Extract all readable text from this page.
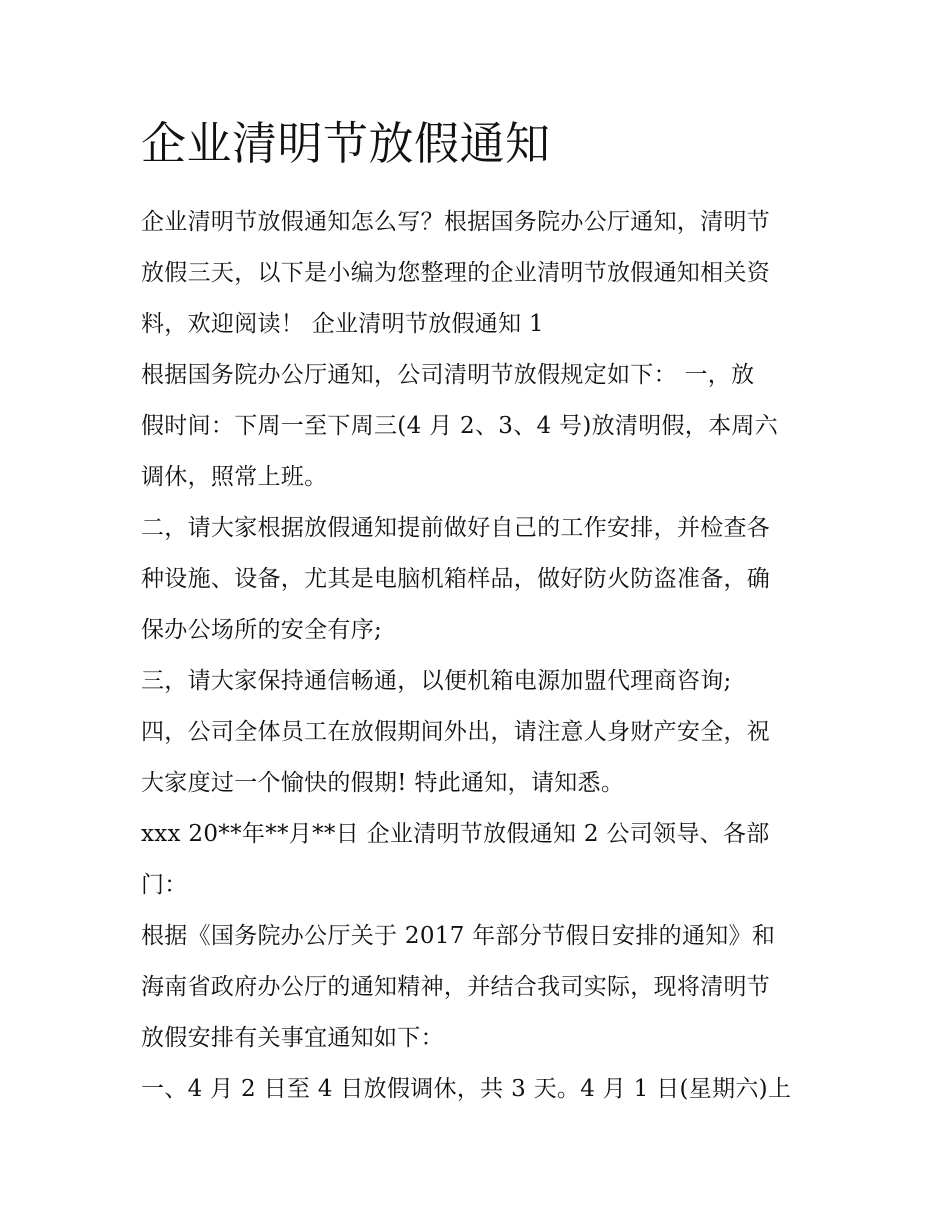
企业清明节放假通知

企业清明节放假通知怎么写？根据国务院办公厅通知，清明节
放假三天，以下是小编为您整理的企业清明节放假通知相关资
料，欢迎阅读！ 企业清明节放假通知 1

根据国务院办公厅通知，公司清明节放假规定如下： 一，放
假时间：下周一至下周三(4 月 2、3、4 号)放清明假，本周六
调休，照常上班。

二，请大家根据放假通知提前做好自己的工作安排，并检查各
种设施、设备，尤其是电脑机箱样品，做好防火防盗准备，确
保办公场所的安全有序;

三，请大家保持通信畅通，以便机箱电源加盟代理商咨询;

四，公司全体员工在放假期间外出，请注意人身财产安全，祝
大家度过一个愉快的假期! 特此通知，请知悉。

xxx 20**年**月**日 企业清明节放假通知 2 公司领导、各部
门：

根据《国务院办公厅关于 2017 年部分节假日安排的通知》和
海南省政府办公厅的通知精神，并结合我司实际，现将清明节
放假安排有关事宜通知如下：

一、4 月 2 日至 4 日放假调休，共 3 天。4 月 1 日(星期六)上
